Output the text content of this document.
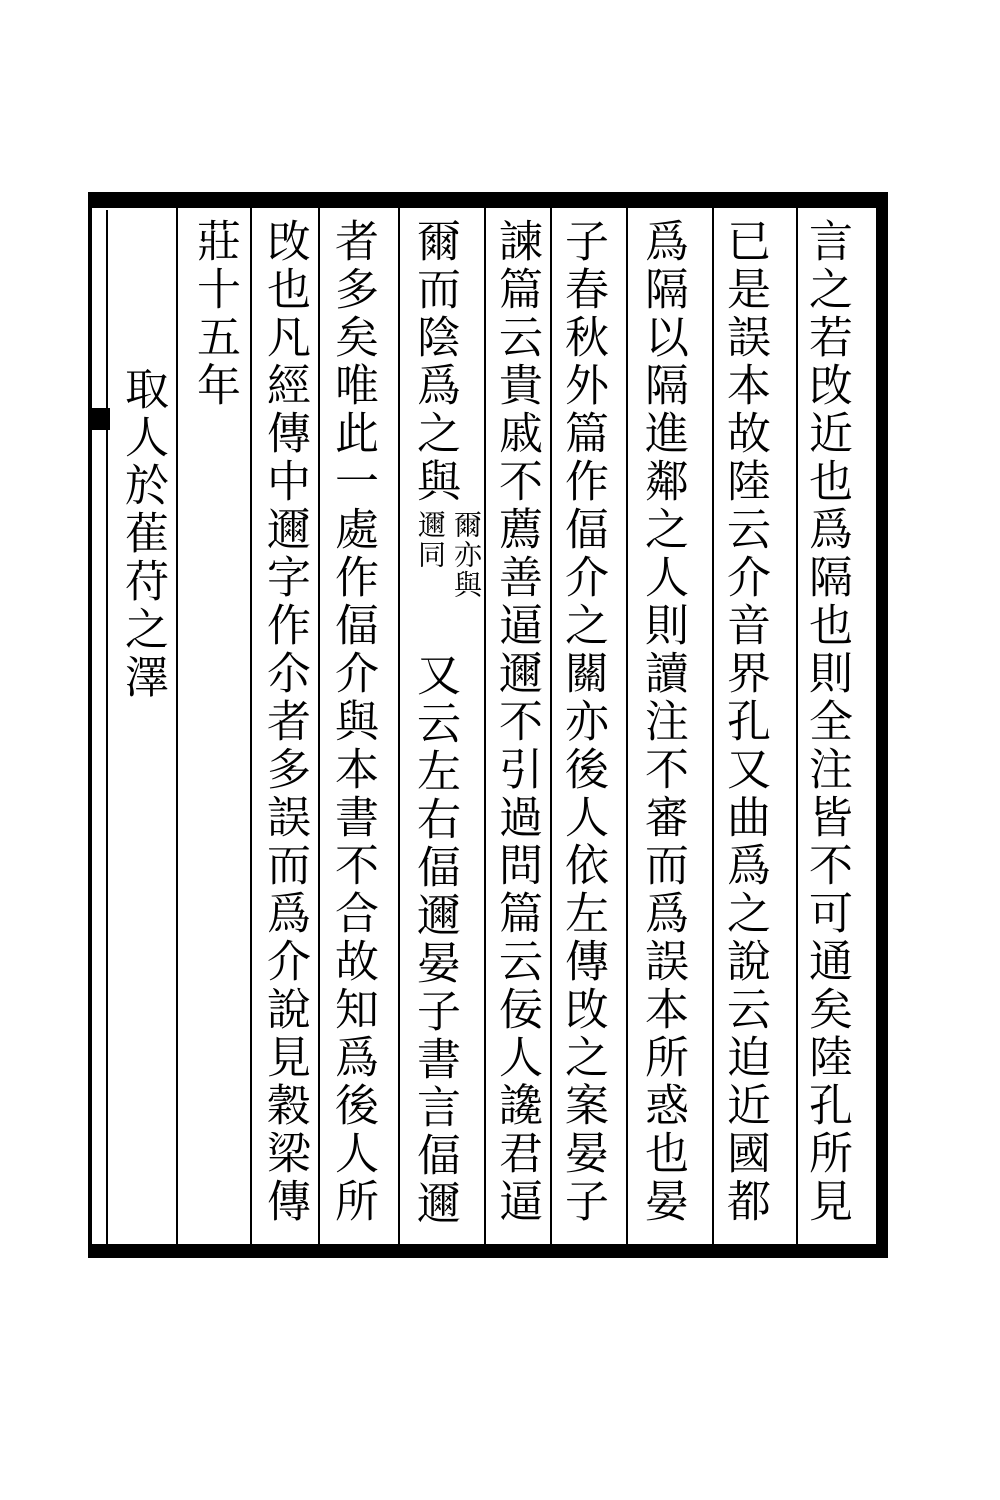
言之若攺近也爲隔也則全注皆不可通矣陸孔所見
已是誤本故陸云介音界孔又曲爲之說云迫近國都
爲隔以隔進鄰之人則讀注不審而爲誤本所惑也晏
子春秋外篇作偪介之關亦後人依左傳攺之案晏子
諫篇云貴戚不薦善逼邇不引過問篇云佞人䜛君逼
爾而陰爲之與
爾亦與
邇同
又云左右偪邇晏子書言偪邇
者多矣唯此一處作偪介與本書不合故知爲後人所
攺也凡經傳中邇字作尒者多誤而爲介說見穀梁傳
莊十五年
取人於萑苻之澤
